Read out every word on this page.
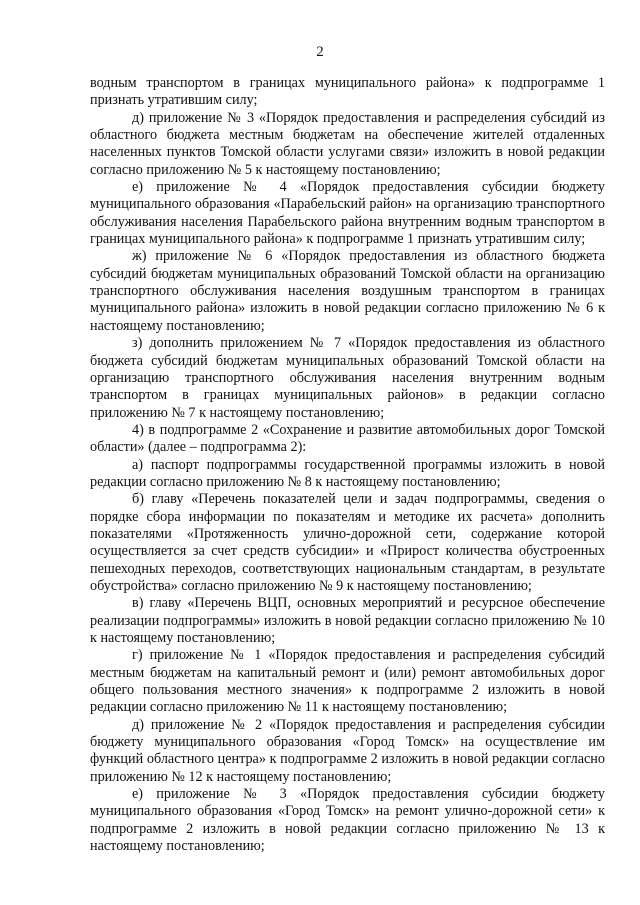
2

водным транспортом в границах муниципального района» к подпрограмме 1 признать утратившим силу;

д) приложение № 3 «Порядок предоставления и распределения субсидий из областного бюджета местным бюджетам на обеспечение жителей отдаленных населенных пунктов Томской области услугами связи» изложить в новой редакции согласно приложению № 5 к настоящему постановлению;

е) приложение № 4 «Порядок предоставления субсидии бюджету муниципального образования «Парабельский район» на организацию транспортного обслуживания населения Парабельского района внутренним водным транспортом в границах муниципального района» к подпрограмме 1 признать утратившим силу;

ж) приложение № 6 «Порядок предоставления из областного бюджета субсидий бюджетам муниципальных образований Томской области на организацию транспортного обслуживания населения воздушным транспортом в границах муниципального района» изложить в новой редакции согласно приложению № 6 к настоящему постановлению;

з) дополнить приложением № 7 «Порядок предоставления из областного бюджета субсидий бюджетам муниципальных образований Томской области на организацию транспортного обслуживания населения внутренним водным транспортом в границах муниципальных районов» в редакции согласно приложению № 7 к настоящему постановлению;

4) в подпрограмме 2 «Сохранение и развитие автомобильных дорог Томской области» (далее – подпрограмма 2):

а) паспорт подпрограммы государственной программы изложить в новой редакции согласно приложению № 8 к настоящему постановлению;

б) главу «Перечень показателей цели и задач подпрограммы, сведения о порядке сбора информации по показателям и методике их расчета» дополнить показателями «Протяженность улично-дорожной сети, содержание которой осуществляется за счет средств субсидии» и «Прирост количества обустроенных пешеходных переходов, соответствующих национальным стандартам, в результате обустройства» согласно приложению № 9 к настоящему постановлению;

в) главу «Перечень ВЦП, основных мероприятий и ресурсное обеспечение реализации подпрограммы» изложить в новой редакции согласно приложению № 10 к настоящему постановлению;

г) приложение № 1 «Порядок предоставления и распределения субсидий местным бюджетам на капитальный ремонт и (или) ремонт автомобильных дорог общего пользования местного значения» к подпрограмме 2 изложить в новой редакции согласно приложению № 11 к настоящему постановлению;

д) приложение № 2 «Порядок предоставления и распределения субсидии бюджету муниципального образования «Город Томск» на осуществление им функций областного центра» к подпрограмме 2 изложить в новой редакции согласно приложению № 12 к настоящему постановлению;

е) приложение № 3 «Порядок предоставления субсидии бюджету муниципального образования «Город Томск» на ремонт улично-дорожной сети» к подпрограмме 2 изложить в новой редакции согласно приложению № 13 к настоящему постановлению;
